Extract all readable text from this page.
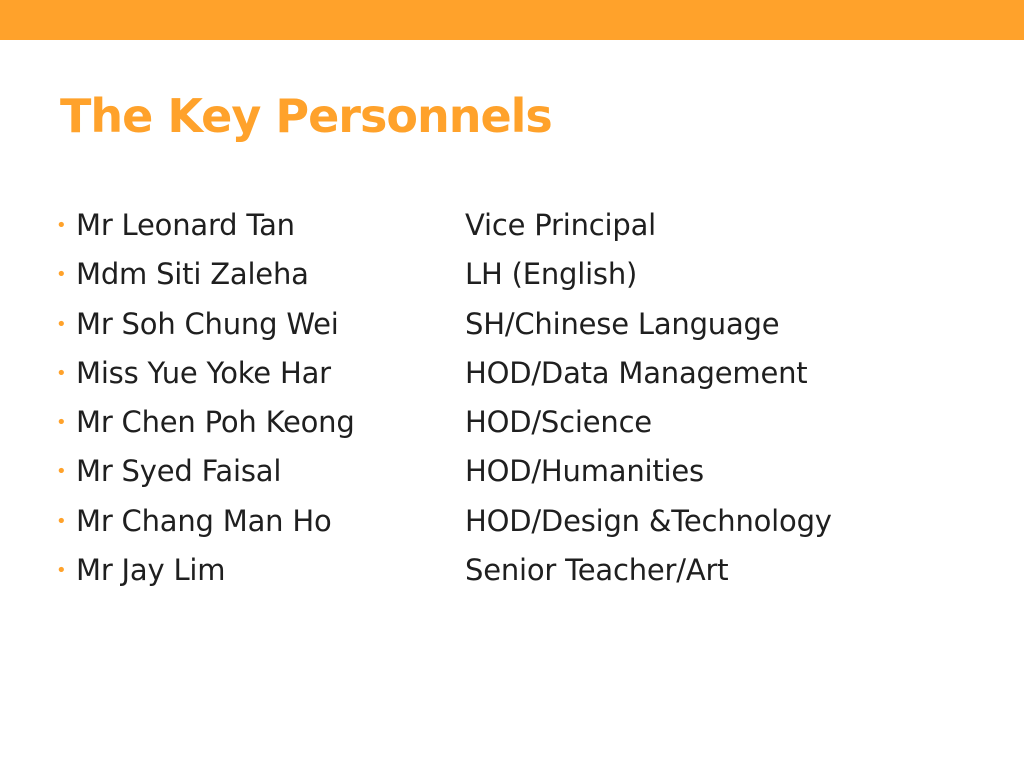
The Key Personnels
• Mr Leonard Tan	Vice Principal
• Mdm Siti Zaleha	LH (English)
• Mr Soh Chung Wei	SH/Chinese Language
• Miss Yue Yoke Har	HOD/Data Management
• Mr Chen Poh Keong	HOD/Science
• Mr Syed Faisal	HOD/Humanities
• Mr Chang Man Ho	HOD/Design &Technology
• Mr Jay Lim	Senior Teacher/Art
